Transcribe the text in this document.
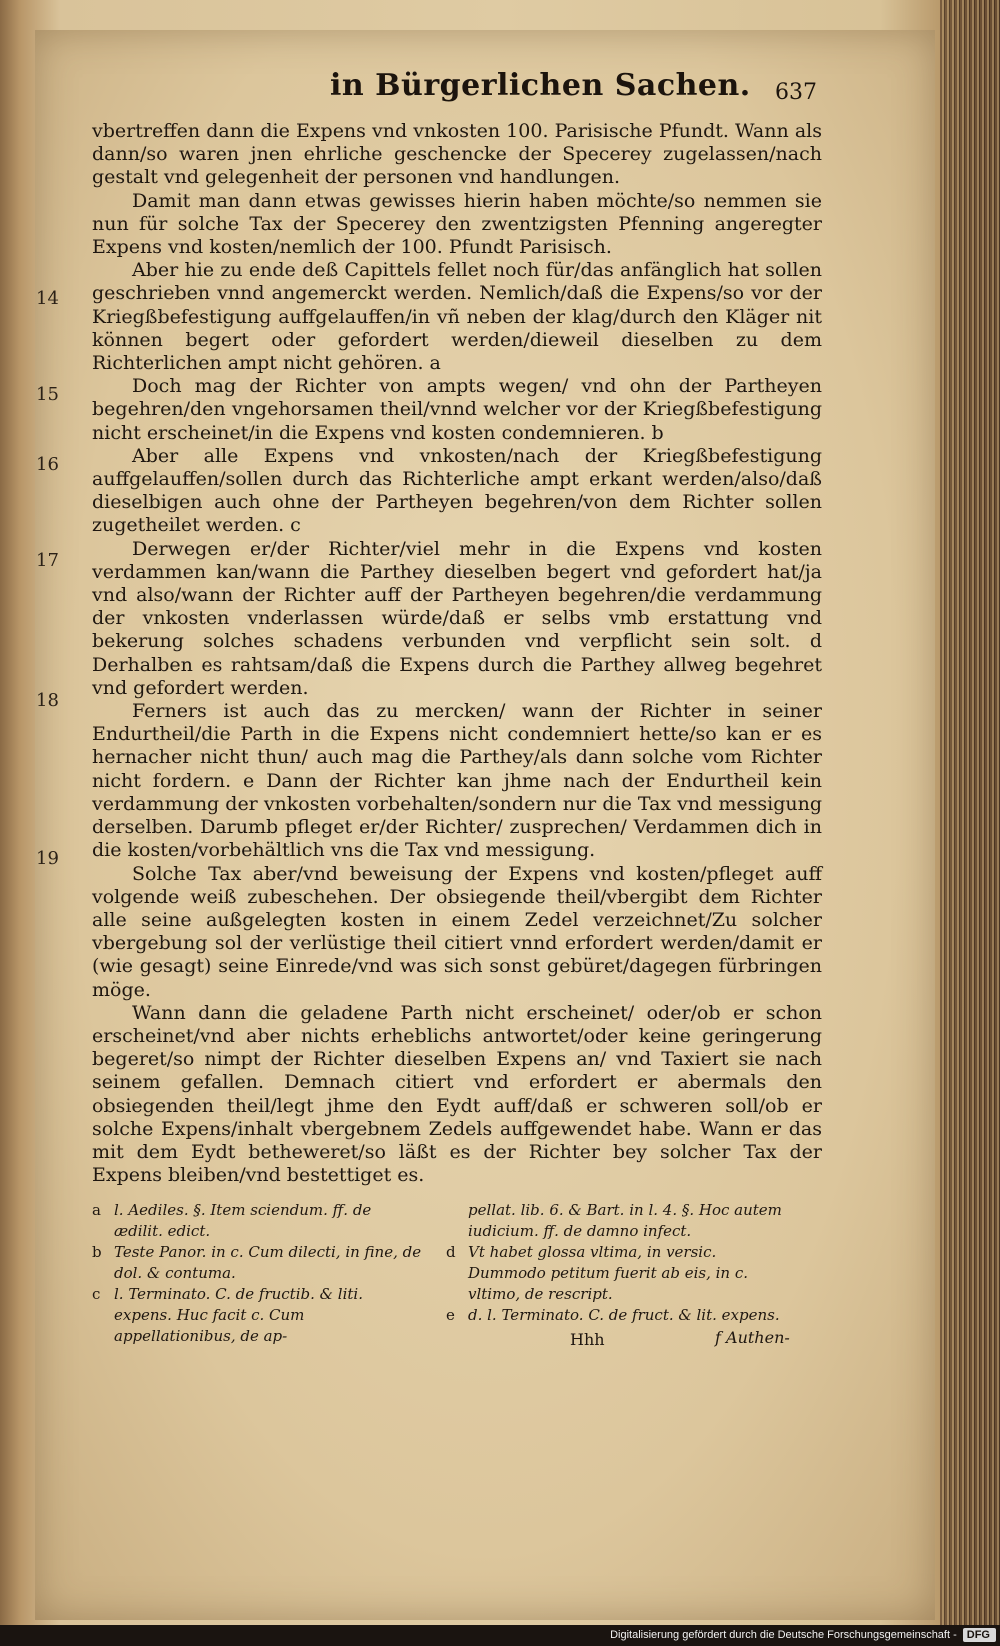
in Bürgerlichen Sachen. 637
14
15
16
17
18
19

vbertreffen dann die Expens vnd vnkosten 100. Parisische Pfundt. Wann als dann/so waren jnen ehrliche geschencke der Specerey zugelassen/nach gestalt vnd gelegenheit der personen vnd handlungen.

Damit man dann etwas gewisses hierin haben möchte/so nemmen sie nun für solche Tax der Specerey den zwentzigsten Pfenning angeregter Expens vnd kosten/nemlich der 100. Pfundt Parisisch.

Aber hie zu ende deß Capittels fellet noch für/das anfänglich hat sollen geschrieben vnnd angemerckt werden. Nemlich/daß die Expens/so vor der Kriegßbefestigung auffgelauffen/in vñ neben der klag/durch den Kläger nit können begert oder gefordert werden/dieweil dieselben zu dem Richterlichen ampt nicht gehören. a

Doch mag der Richter von ampts wegen/ vnd ohn der Partheyen begehren/den vngehorsamen theil/vnnd welcher vor der Kriegßbefestigung nicht erscheinet/in die Expens vnd kosten condemnieren. b

Aber alle Expens vnd vnkosten/nach der Kriegßbefestigung auffgelauffen/sollen durch das Richterliche ampt erkant werden/also/daß dieselbigen auch ohne der Partheyen begehren/von dem Richter sollen zugetheilet werden. c

Derwegen er/der Richter/viel mehr in die Expens vnd kosten verdammen kan/wann die Parthey dieselben begert vnd gefordert hat/ja vnd also/wann der Richter auff der Partheyen begehren/die verdammung der vnkosten vnderlassen würde/daß er selbs vmb erstattung vnd bekerung solches schadens verbunden vnd verpflicht sein solt. d Derhalben es rahtsam/daß die Expens durch die Parthey allweg begehret vnd gefordert werden.

Ferners ist auch das zu mercken/ wann der Richter in seiner Endurtheil/die Parth in die Expens nicht condemniert hette/so kan er es hernacher nicht thun/ auch mag die Parthey/als dann solche vom Richter nicht fordern. e Dann der Richter kan jhme nach der Endurtheil kein verdammung der vnkosten vorbehalten/sondern nur die Tax vnd messigung derselben. Darumb pfleget er/der Richter/ zusprechen/ Verdammen dich in die kosten/vorbehältlich vns die Tax vnd messigung.

Solche Tax aber/vnd beweisung der Expens vnd kosten/pfleget auff volgende weiß zubeschehen. Der obsiegende theil/vbergibt dem Richter alle seine außgelegten kosten in einem Zedel verzeichnet/Zu solcher vbergebung sol der verlüstige theil citiert vnnd erfordert werden/damit er (wie gesagt) seine Einrede/vnd was sich sonst gebüret/dagegen fürbringen möge.

Wann dann die geladene Parth nicht erscheinet/ oder/ob er schon erscheinet/vnd aber nichts erheblichs antwortet/oder keine geringerung begeret/so nimpt der Richter dieselben Expens an/ vnd Taxiert sie nach seinem gefallen. Demnach citiert vnd erfordert er abermals den obsiegenden theil/legt jhme den Eydt auff/daß er schweren soll/ob er solche Expens/inhalt vbergebnem Zedels auffgewendet habe. Wann er das mit dem Eydt betheweret/so läßt es der Richter bey solcher Tax der Expens bleiben/vnd bestettiget es.

a l. Aediles. §. Item sciendum. ff. de ædilit. edict.
b Teste Panor. in c. Cum dilecti, in fine, de dol. & contuma.
c l. Terminato. C. de fructib. & liti. expens. Huc facit c. Cum appellationibus, de ap-
pellat. lib. 6. & Bart. in l. 4. §. Hoc autem iudicium. ff. de damno infect.
d Vt habet glossa vltima, in versic. Dummodo petitum fuerit ab eis, in c. vltimo, de rescript.
e d. l. Terminato. C. de fruct. & lit. expens.
Hhh	f Authen-
Digitalisierung gefördert durch die Deutsche Forschungsgemeinschaft - DFG
